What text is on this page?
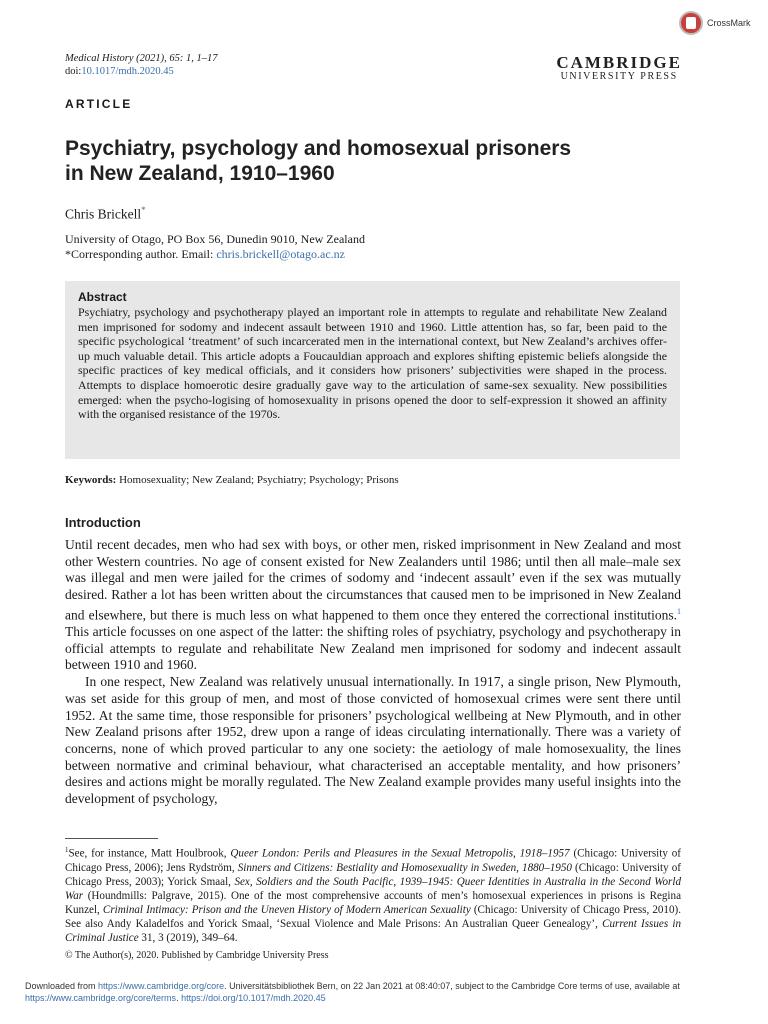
CrossMark
Medical History (2021), 65: 1, 1–17
doi:10.1017/mdh.2020.45	CAMBRIDGE
UNIVERSITY PRESS
ARTICLE
Psychiatry, psychology and homosexual prisoners
in New Zealand, 1910–1960
Chris Brickell*
University of Otago, PO Box 56, Dunedin 9010, New Zealand
*Corresponding author. Email: chris.brickell@otago.ac.nz
Abstract
Psychiatry, psychology and psychotherapy played an important role in attempts to regulate and rehabilitate New Zealand men imprisoned for sodomy and indecent assault between 1910 and 1960. Little attention has, so far, been paid to the specific psychological ‘treatment’ of such incarcerated men in the international context, but New Zealand’s archives offer-up much valuable detail. This article adopts a Foucauldian approach and explores shifting epistemic beliefs alongside the specific practices of key medical officials, and it considers how prisoners’ subjectivities were shaped in the process. Attempts to displace homoerotic desire gradually gave way to the articulation of same-sex sexuality. New possibilities emerged: when the psycho-logising of homosexuality in prisons opened the door to self-expression it showed an affinity with the organised resistance of the 1970s.
Keywords: Homosexuality; New Zealand; Psychiatry; Psychology; Prisons
Introduction

Until recent decades, men who had sex with boys, or other men, risked imprisonment in New Zealand and most other Western countries. No age of consent existed for New Zealanders until 1986; until then all male–male sex was illegal and men were jailed for the crimes of sodomy and ‘indecent assault’ even if the sex was mutually desired. Rather a lot has been written about the circumstances that caused men to be imprisoned in New Zealand and elsewhere, but there is much less on what happened to them once they entered the correctional institutions.$^1$ This article focusses on one aspect of the latter: the shifting roles of psychiatry, psychology and psychotherapy in official attempts to regulate and rehabilitate New Zealand men imprisoned for sodomy and indecent assault between 1910 and 1960.

In one respect, New Zealand was relatively unusual internationally. In 1917, a single prison, New Plymouth, was set aside for this group of men, and most of those convicted of homosexual crimes were sent there until 1952. At the same time, those responsible for prisoners’ psychological wellbeing at New Plymouth, and in other New Zealand prisons after 1952, drew upon a range of ideas circulating internationally. There was a variety of concerns, none of which proved particular to any one society: the aetiology of male homosexuality, the lines between normative and criminal behaviour, what characterised an acceptable mentality, and how prisoners’ desires and actions might be morally regulated. The New Zealand example provides many useful insights into the development of psychology,

$^1$See, for instance, Matt Houlbrook, Queer London: Perils and Pleasures in the Sexual Metropolis, 1918–1957 (Chicago: University of Chicago Press, 2006); Jens Rydström, Sinners and Citizens: Bestiality and Homosexuality in Sweden, 1880–1950 (Chicago: University of Chicago Press, 2003); Yorick Smaal, Sex, Soldiers and the South Pacific, 1939–1945: Queer Identities in Australia in the Second World War (Houndmills: Palgrave, 2015). One of the most comprehensive accounts of men’s homosexual experiences in prisons is Regina Kunzel, Criminal Intimacy: Prison and the Uneven History of Modern American Sexuality (Chicago: University of Chicago Press, 2010). See also Andy Kaladelfos and Yorick Smaal, ‘Sexual Violence and Male Prisons: An Australian Queer Genealogy’, Current Issues in Criminal Justice 31, 3 (2019), 349–64.
© The Author(s), 2020. Published by Cambridge University Press
Downloaded from https://www.cambridge.org/core. Universitätsbibliothek Bern, on 22 Jan 2021 at 08:40:07, subject to the Cambridge Core terms of use, available at https://www.cambridge.org/core/terms. https://doi.org/10.1017/mdh.2020.45
